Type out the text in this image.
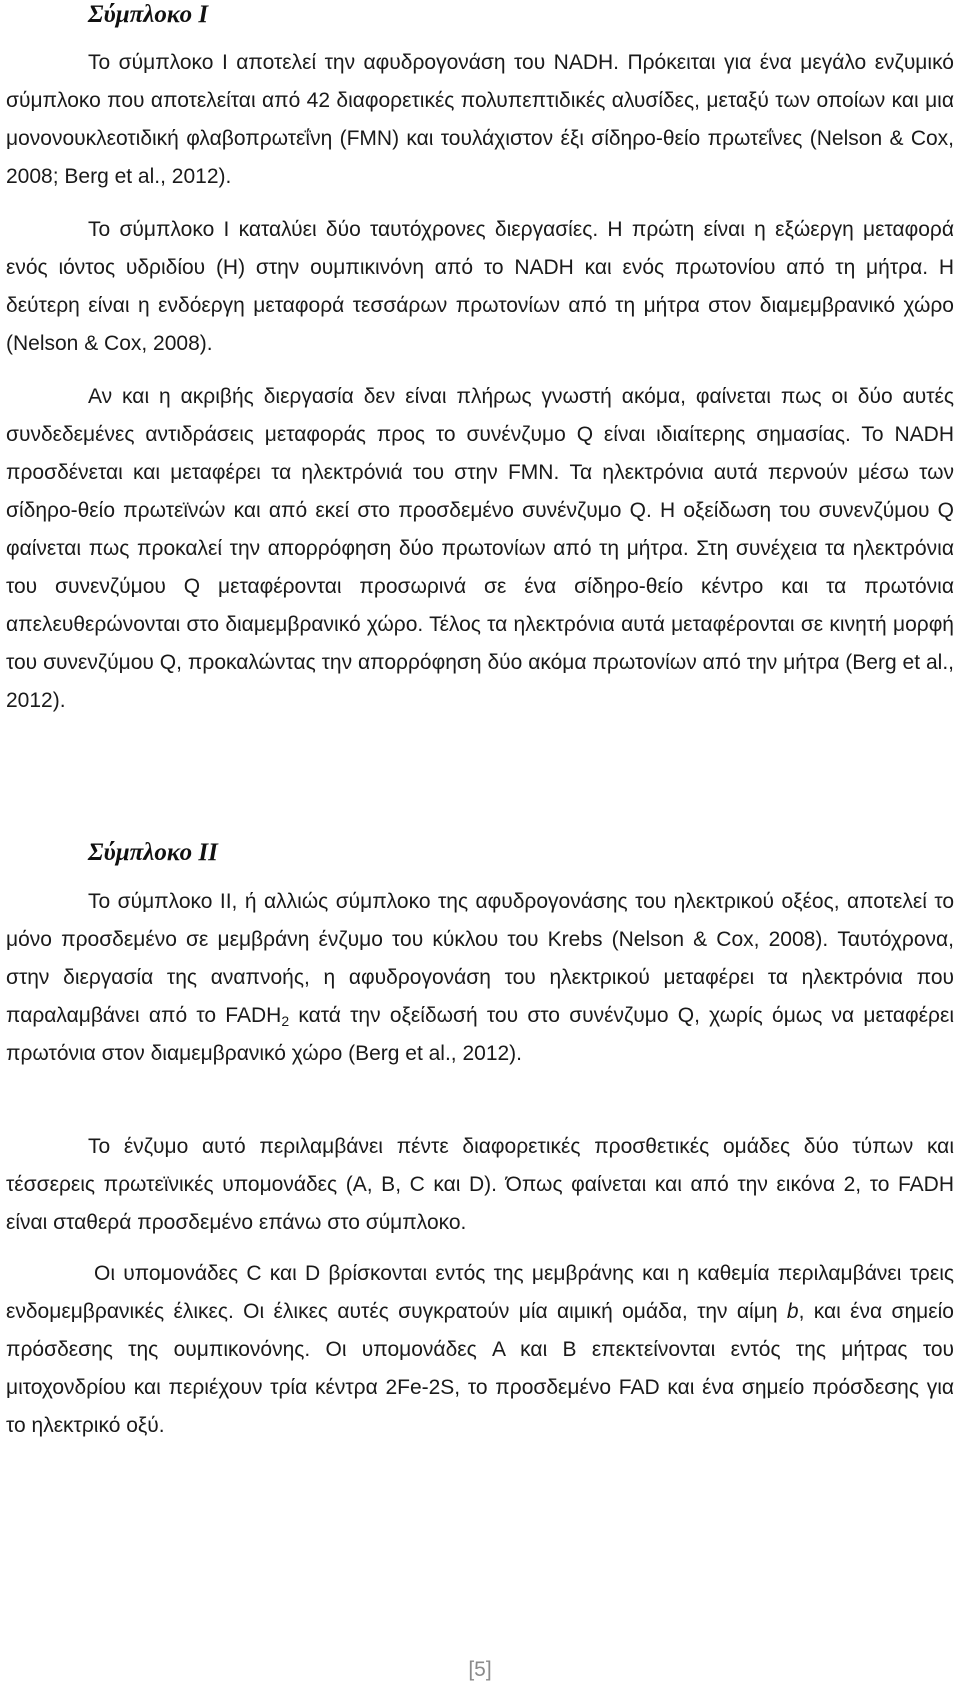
Σύμπλοκο Ι

Το σύμπλοκο Ι αποτελεί την αφυδρογονάση του NADH. Πρόκειται για ένα μεγάλο ενζυμικό σύμπλοκο που αποτελείται από 42 διαφορετικές πολυπεπτιδικές αλυσίδες, μεταξύ των οποίων και μια μονονουκλεοτιδική φλαβοπρωτεΐνη (FMN) και τουλάχιστον έξι σίδηρο-θείο πρωτεΐνες (Nelson & Cox, 2008; Berg et al., 2012).

Το σύμπλοκο Ι καταλύει δύο ταυτόχρονες διεργασίες. Η πρώτη είναι η εξώεργη μεταφορά ενός ιόντος υδριδίου (Η) στην ουμπικινόνη από το NADH και ενός πρωτονίου από τη μήτρα. Η δεύτερη είναι η ενδόεργη μεταφορά τεσσάρων πρωτονίων από τη μήτρα στον διαμεμβρανικό χώρο (Nelson & Cox, 2008).

Αν και η ακριβής διεργασία δεν είναι πλήρως γνωστή ακόμα, φαίνεται πως οι δύο αυτές συνδεδεμένες αντιδράσεις μεταφοράς προς το συνένζυμο Q είναι ιδιαίτερης σημασίας. Το NADH προσδένεται και μεταφέρει τα ηλεκτρόνιά του στην FMN. Τα ηλεκτρόνια αυτά περνούν μέσω των σίδηρο-θείο πρωτεϊνών και από εκεί στο προσδεμένο συνένζυμο Q. Η οξείδωση του συνενζύμου Q φαίνεται πως προκαλεί την απορρόφηση δύο πρωτονίων από τη μήτρα. Στη συνέχεια τα ηλεκτρόνια του συνενζύμου Q μεταφέρονται προσωρινά σε ένα σίδηρο-θείο κέντρο και τα πρωτόνια απελευθερώνονται στο διαμεμβρανικό χώρο. Τέλος τα ηλεκτρόνια αυτά μεταφέρονται σε κινητή μορφή του συνενζύμου Q, προκαλώντας την απορρόφηση δύο ακόμα πρωτονίων από την μήτρα (Berg et al., 2012).

Σύμπλοκο ΙΙ

Το σύμπλοκο ΙΙ, ή αλλιώς σύμπλοκο της αφυδρογονάσης του ηλεκτρικού οξέος, αποτελεί το μόνο προσδεμένο σε μεμβράνη ένζυμο του κύκλου του Krebs (Nelson & Cox, 2008). Ταυτόχρονα, στην διεργασία της αναπνοής, η αφυδρογονάση του ηλεκτρικού μεταφέρει τα ηλεκτρόνια που παραλαμβάνει από το $FADH_2$ κατά την οξείδωσή του στο συνένζυμο Q, χωρίς όμως να μεταφέρει πρωτόνια στον διαμεμβρανικό χώρο (Berg et al., 2012).

Το ένζυμο αυτό περιλαμβάνει πέντε διαφορετικές προσθετικές ομάδες δύο τύπων και τέσσερεις πρωτεϊνικές υπομονάδες (A, B, C και D). Όπως φαίνεται και από την εικόνα 2, το FADH είναι σταθερά προσδεμένο επάνω στο σύμπλοκο.

Οι υπομονάδες C και D βρίσκονται εντός της μεμβράνης και η καθεμία περιλαμβάνει τρεις ενδομεμβρανικές έλικες. Οι έλικες αυτές συγκρατούν μία αιμική ομάδα, την αίμη b, και ένα σημείο πρόσδεσης της ουμπικονόνης. Οι υπομονάδες A και B επεκτείνονται εντός της μήτρας του μιτοχονδρίου και περιέχουν τρία κέντρα 2Fe-2S, το προσδεμένο FAD και ένα σημείο πρόσδεσης για το ηλεκτρικό οξύ.

[5]
